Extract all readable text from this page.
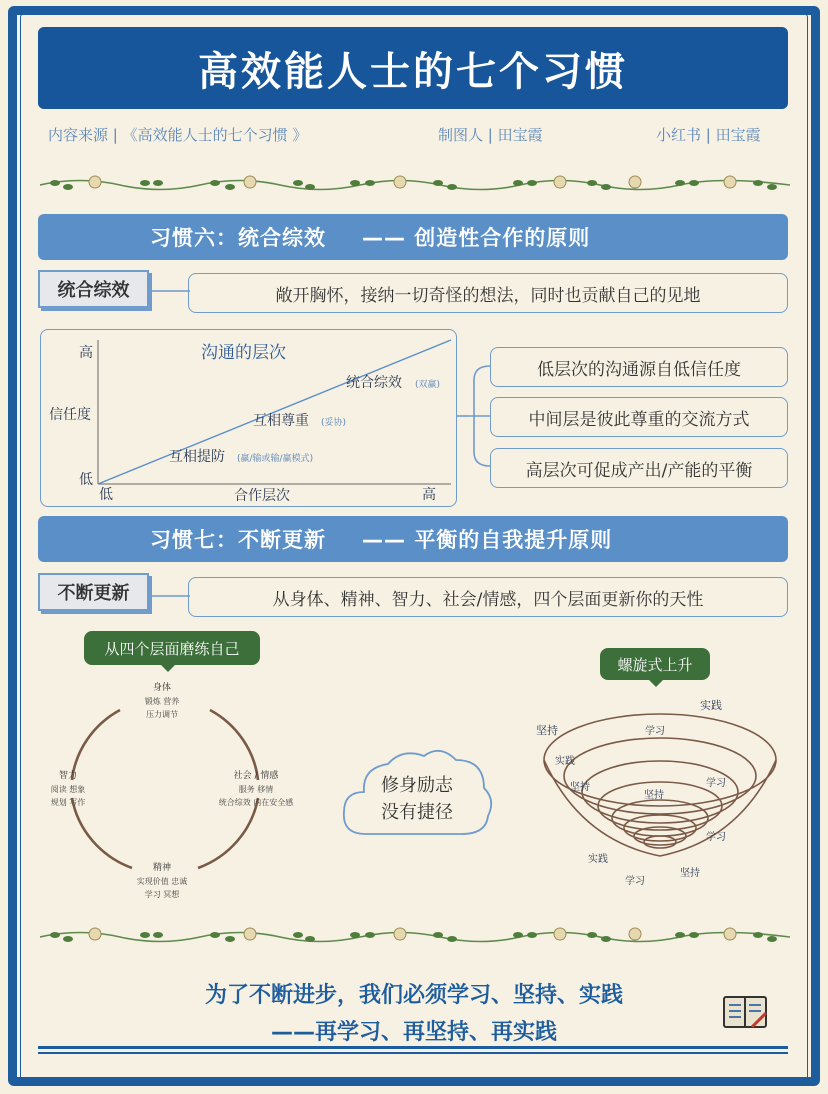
高效能人士的七个习惯
内容来源 | 《高效能人士的七个习惯 》	制图人 | 田宝霞	小红书 | 田宝霞
习惯六：统合综效 —— 创造性合作的原则
统合综效	敞开胸怀，接纳一切奇怪的想法，同时也贡献自己的见地
沟通的层次
高
信任度
低
低	合作层次	高
互相提防 (赢/输或输/赢模式)
互相尊重 (妥协)
统合综效 (双赢)
低层次的沟通源自低信任度
中间层是彼此尊重的交流方式
高层次可促成产出/产能的平衡
习惯七：不断更新 —— 平衡的自我提升原则
不断更新	从身体、精神、智力、社会/情感，四个层面更新你的天性
从四个层面磨练自己
身体
锻炼 营养
压力调节
社会 / 情感
服务 移情
统合综效 内在安全感
精神
实现价值 忠诚
学习 冥想
智力
阅读 想象
规划 写作
修身励志
没有捷径
螺旋式上升
实践
坚持	学习
实践
学习
坚持
坚持
学习
实践
坚持
学习
为了不断进步，我们必须学习、坚持、实践
——再学习、再坚持、再实践
